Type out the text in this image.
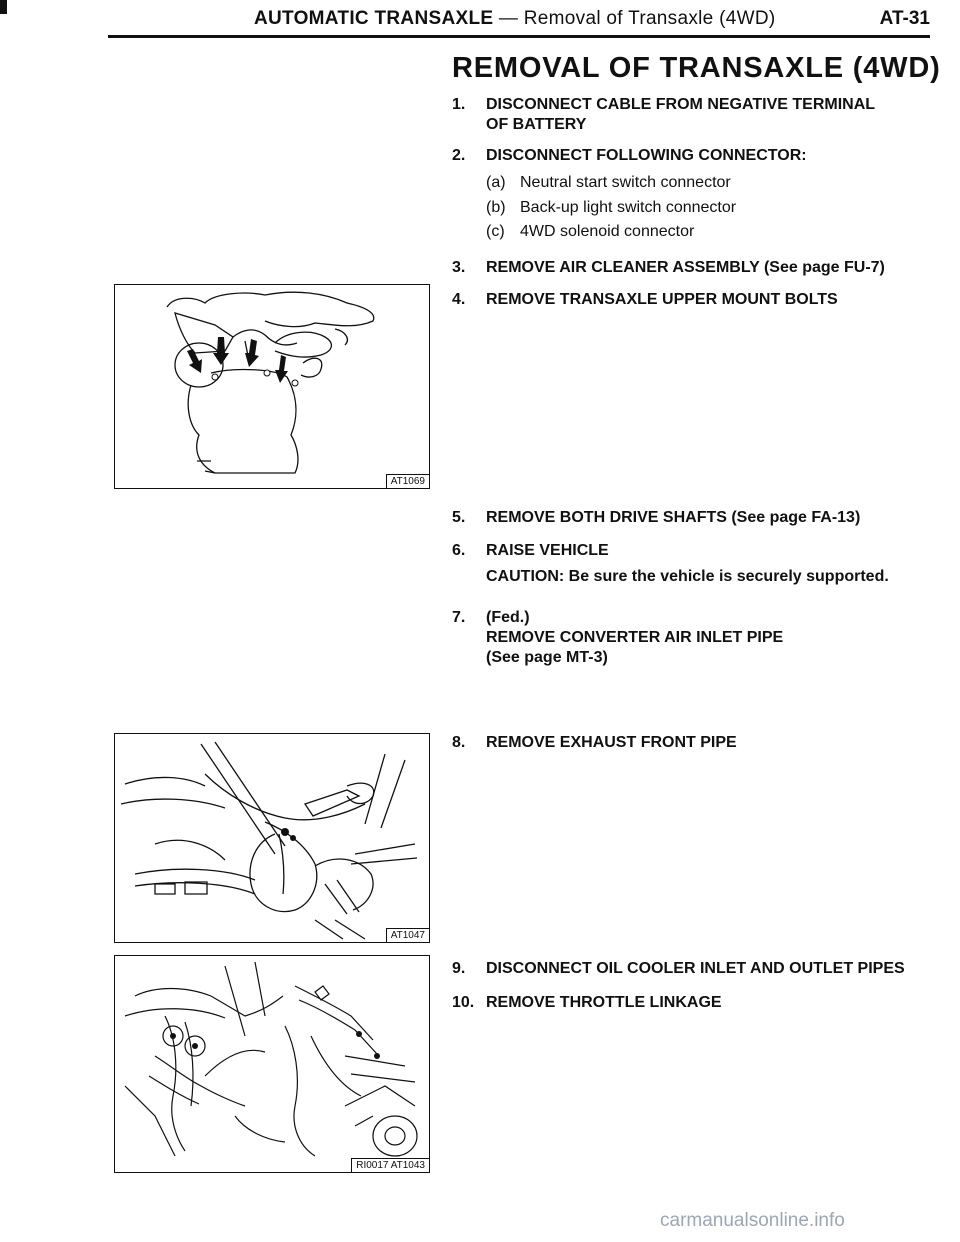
AUTOMATIC TRANSAXLE — Removal of Transaxle (4WD)	AT-31
REMOVAL OF TRANSAXLE (4WD)
1.	DISCONNECT CABLE FROM NEGATIVE TERMINAL
OF BATTERY
2.	DISCONNECT FOLLOWING CONNECTOR:
(a) Neutral start switch connector
(b) Back-up light switch connector
(c) 4WD solenoid connector
3.	REMOVE AIR CLEANER ASSEMBLY (See page FU-7)
4.	REMOVE TRANSAXLE UPPER MOUNT BOLTS
5.	REMOVE BOTH DRIVE SHAFTS (See page FA-13)
6.	RAISE VEHICLE
CAUTION: Be sure the vehicle is securely supported.
7.	(Fed.)
REMOVE CONVERTER AIR INLET PIPE
(See page MT-3)
8.	REMOVE EXHAUST FRONT PIPE
9.	DISCONNECT OIL COOLER INLET AND OUTLET PIPES
10. REMOVE THROTTLE LINKAGE
AT1069
AT1047
RI0017 AT1043
carmanualsonline.info
